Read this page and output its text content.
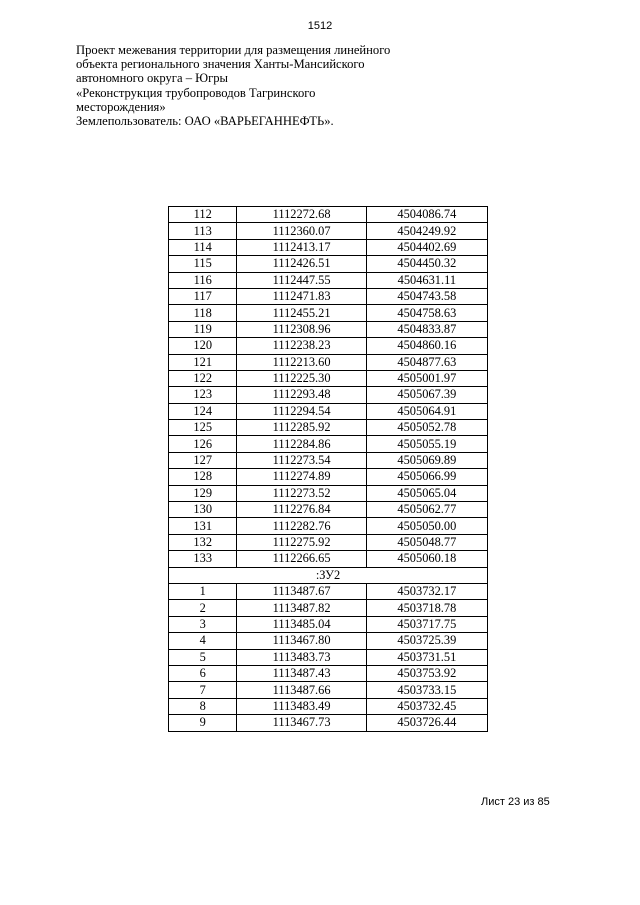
1512
Проект межевания территории для размещения линейного
объекта регионального значения Ханты-Мансийского
автономного округа – Югры
«Реконструкция трубопроводов Тагринского
месторождения»
Землепользователь: ОАО «ВАРЬЕГАННЕФТЬ».
112	1112272.68	4504086.74
113	1112360.07	4504249.92
114	1112413.17	4504402.69
115	1112426.51	4504450.32
116	1112447.55	4504631.11
117	1112471.83	4504743.58
118	1112455.21	4504758.63
119	1112308.96	4504833.87
120	1112238.23	4504860.16
121	1112213.60	4504877.63
122	1112225.30	4505001.97
123	1112293.48	4505067.39
124	1112294.54	4505064.91
125	1112285.92	4505052.78
126	1112284.86	4505055.19
127	1112273.54	4505069.89
128	1112274.89	4505066.99
129	1112273.52	4505065.04
130	1112276.84	4505062.77
131	1112282.76	4505050.00
132	1112275.92	4505048.77
133	1112266.65	4505060.18
:ЗУ2		
1	1113487.67	4503732.17
2	1113487.82	4503718.78
3	1113485.04	4503717.75
4	1113467.80	4503725.39
5	1113483.73	4503731.51
6	1113487.43	4503753.92
7	1113487.66	4503733.15
8	1113483.49	4503732.45
9	1113467.73	4503726.44
Лист 23 из 85
